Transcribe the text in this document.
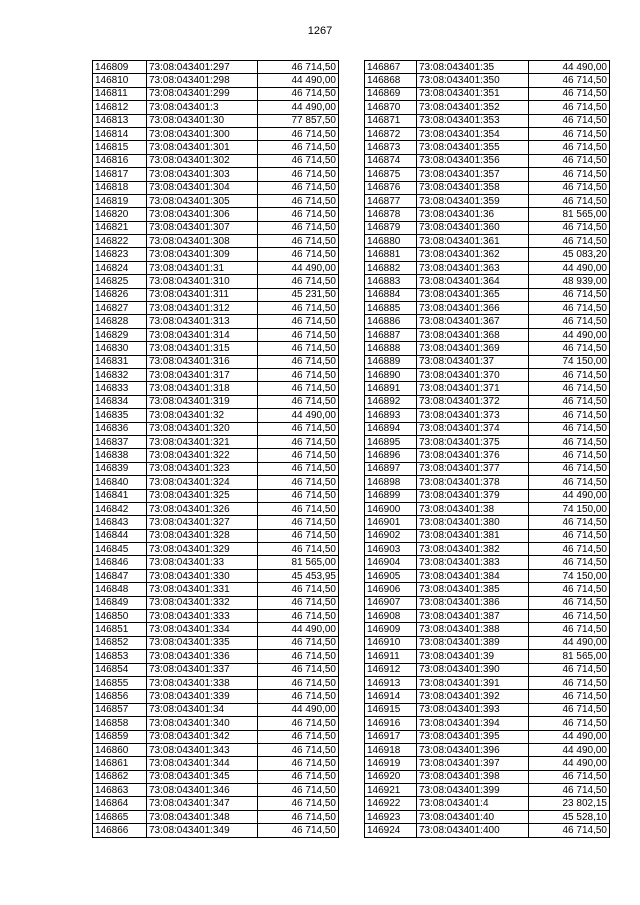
1267
146809	73:08:043401:297	46 714,50
146810	73:08:043401:298	44 490,00
146811	73:08:043401:299	46 714,50
146812	73:08:043401:3	44 490,00
146813	73:08:043401:30	77 857,50
146814	73:08:043401:300	46 714,50
146815	73:08:043401:301	46 714,50
146816	73:08:043401:302	46 714,50
146817	73:08:043401:303	46 714,50
146818	73:08:043401:304	46 714,50
146819	73:08:043401:305	46 714,50
146820	73:08:043401:306	46 714,50
146821	73:08:043401:307	46 714,50
146822	73:08:043401:308	46 714,50
146823	73:08:043401:309	46 714,50
146824	73:08:043401:31	44 490,00
146825	73:08:043401:310	46 714,50
146826	73:08:043401:311	45 231,50
146827	73:08:043401:312	46 714,50
146828	73:08:043401:313	46 714,50
146829	73:08:043401:314	46 714,50
146830	73:08:043401:315	46 714,50
146831	73:08:043401:316	46 714,50
146832	73:08:043401:317	46 714,50
146833	73:08:043401:318	46 714,50
146834	73:08:043401:319	46 714,50
146835	73:08:043401:32	44 490,00
146836	73:08:043401:320	46 714,50
146837	73:08:043401:321	46 714,50
146838	73:08:043401:322	46 714,50
146839	73:08:043401:323	46 714,50
146840	73:08:043401:324	46 714,50
146841	73:08:043401:325	46 714,50
146842	73:08:043401:326	46 714,50
146843	73:08:043401:327	46 714,50
146844	73:08:043401:328	46 714,50
146845	73:08:043401:329	46 714,50
146846	73:08:043401:33	81 565,00
146847	73:08:043401:330	45 453,95
146848	73:08:043401:331	46 714,50
146849	73:08:043401:332	46 714,50
146850	73:08:043401:333	46 714,50
146851	73:08:043401:334	44 490,00
146852	73:08:043401:335	46 714,50
146853	73:08:043401:336	46 714,50
146854	73:08:043401:337	46 714,50
146855	73:08:043401:338	46 714,50
146856	73:08:043401:339	46 714,50
146857	73:08:043401:34	44 490,00
146858	73:08:043401:340	46 714,50
146859	73:08:043401:342	46 714,50
146860	73:08:043401:343	46 714,50
146861	73:08:043401:344	46 714,50
146862	73:08:043401:345	46 714,50
146863	73:08:043401:346	46 714,50
146864	73:08:043401:347	46 714,50
146865	73:08:043401:348	46 714,50
146866	73:08:043401:349	46 714,50
146867	73:08:043401:35	44 490,00
146868	73:08:043401:350	46 714,50
146869	73:08:043401:351	46 714,50
146870	73:08:043401:352	46 714,50
146871	73:08:043401:353	46 714,50
146872	73:08:043401:354	46 714,50
146873	73:08:043401:355	46 714,50
146874	73:08:043401:356	46 714,50
146875	73:08:043401:357	46 714,50
146876	73:08:043401:358	46 714,50
146877	73:08:043401:359	46 714,50
146878	73:08:043401:36	81 565,00
146879	73:08:043401:360	46 714,50
146880	73:08:043401:361	46 714,50
146881	73:08:043401:362	45 083,20
146882	73:08:043401:363	44 490,00
146883	73:08:043401:364	48 939,00
146884	73:08:043401:365	46 714,50
146885	73:08:043401:366	46 714,50
146886	73:08:043401:367	46 714,50
146887	73:08:043401:368	44 490,00
146888	73:08:043401:369	46 714,50
146889	73:08:043401:37	74 150,00
146890	73:08:043401:370	46 714,50
146891	73:08:043401:371	46 714,50
146892	73:08:043401:372	46 714,50
146893	73:08:043401:373	46 714,50
146894	73:08:043401:374	46 714,50
146895	73:08:043401:375	46 714,50
146896	73:08:043401:376	46 714,50
146897	73:08:043401:377	46 714,50
146898	73:08:043401:378	46 714,50
146899	73:08:043401:379	44 490,00
146900	73:08:043401:38	74 150,00
146901	73:08:043401:380	46 714,50
146902	73:08:043401:381	46 714,50
146903	73:08:043401:382	46 714,50
146904	73:08:043401:383	46 714,50
146905	73:08:043401:384	74 150,00
146906	73:08:043401:385	46 714,50
146907	73:08:043401:386	46 714,50
146908	73:08:043401:387	46 714,50
146909	73:08:043401:388	46 714,50
146910	73:08:043401:389	44 490,00
146911	73:08:043401:39	81 565,00
146912	73:08:043401:390	46 714,50
146913	73:08:043401:391	46 714,50
146914	73:08:043401:392	46 714,50
146915	73:08:043401:393	46 714,50
146916	73:08:043401:394	46 714,50
146917	73:08:043401:395	44 490,00
146918	73:08:043401:396	44 490,00
146919	73:08:043401:397	44 490,00
146920	73:08:043401:398	46 714,50
146921	73:08:043401:399	46 714,50
146922	73:08:043401:4	23 802,15
146923	73:08:043401:40	45 528,10
146924	73:08:043401:400	46 714,50
